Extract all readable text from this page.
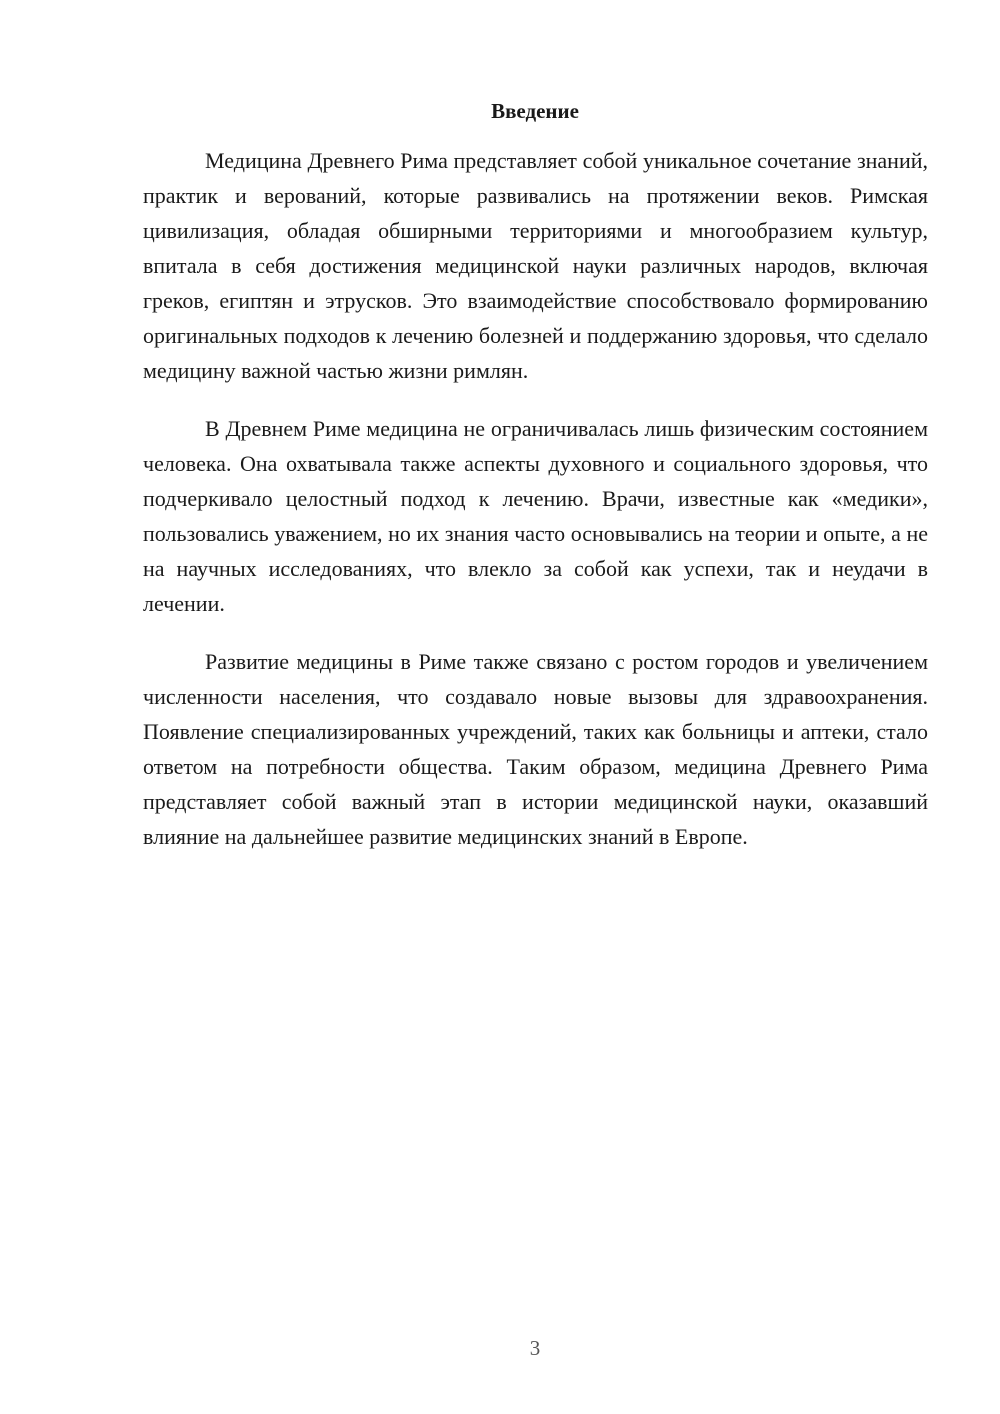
Введение

Медицина Древнего Рима представляет собой уникальное сочетание знаний, практик и верований, которые развивались на протяжении веков. Римская цивилизация, обладая обширными территориями и многообразием культур, впитала в себя достижения медицинской науки различных народов, включая греков, египтян и этрусков. Это взаимодействие способствовало формированию оригинальных подходов к лечению болезней и поддержанию здоровья, что сделало медицину важной частью жизни римлян.

В Древнем Риме медицина не ограничивалась лишь физическим состоянием человека. Она охватывала также аспекты духовного и социального здоровья, что подчеркивало целостный подход к лечению. Врачи, известные как «медики», пользовались уважением, но их знания часто основывались на теории и опыте, а не на научных исследованиях, что влекло за собой как успехи, так и неудачи в лечении.

Развитие медицины в Риме также связано с ростом городов и увеличением численности населения, что создавало новые вызовы для здравоохранения. Появление специализированных учреждений, таких как больницы и аптеки, стало ответом на потребности общества. Таким образом, медицина Древнего Рима представляет собой важный этап в истории медицинской науки, оказавший влияние на дальнейшее развитие медицинских знаний в Европе.

3
